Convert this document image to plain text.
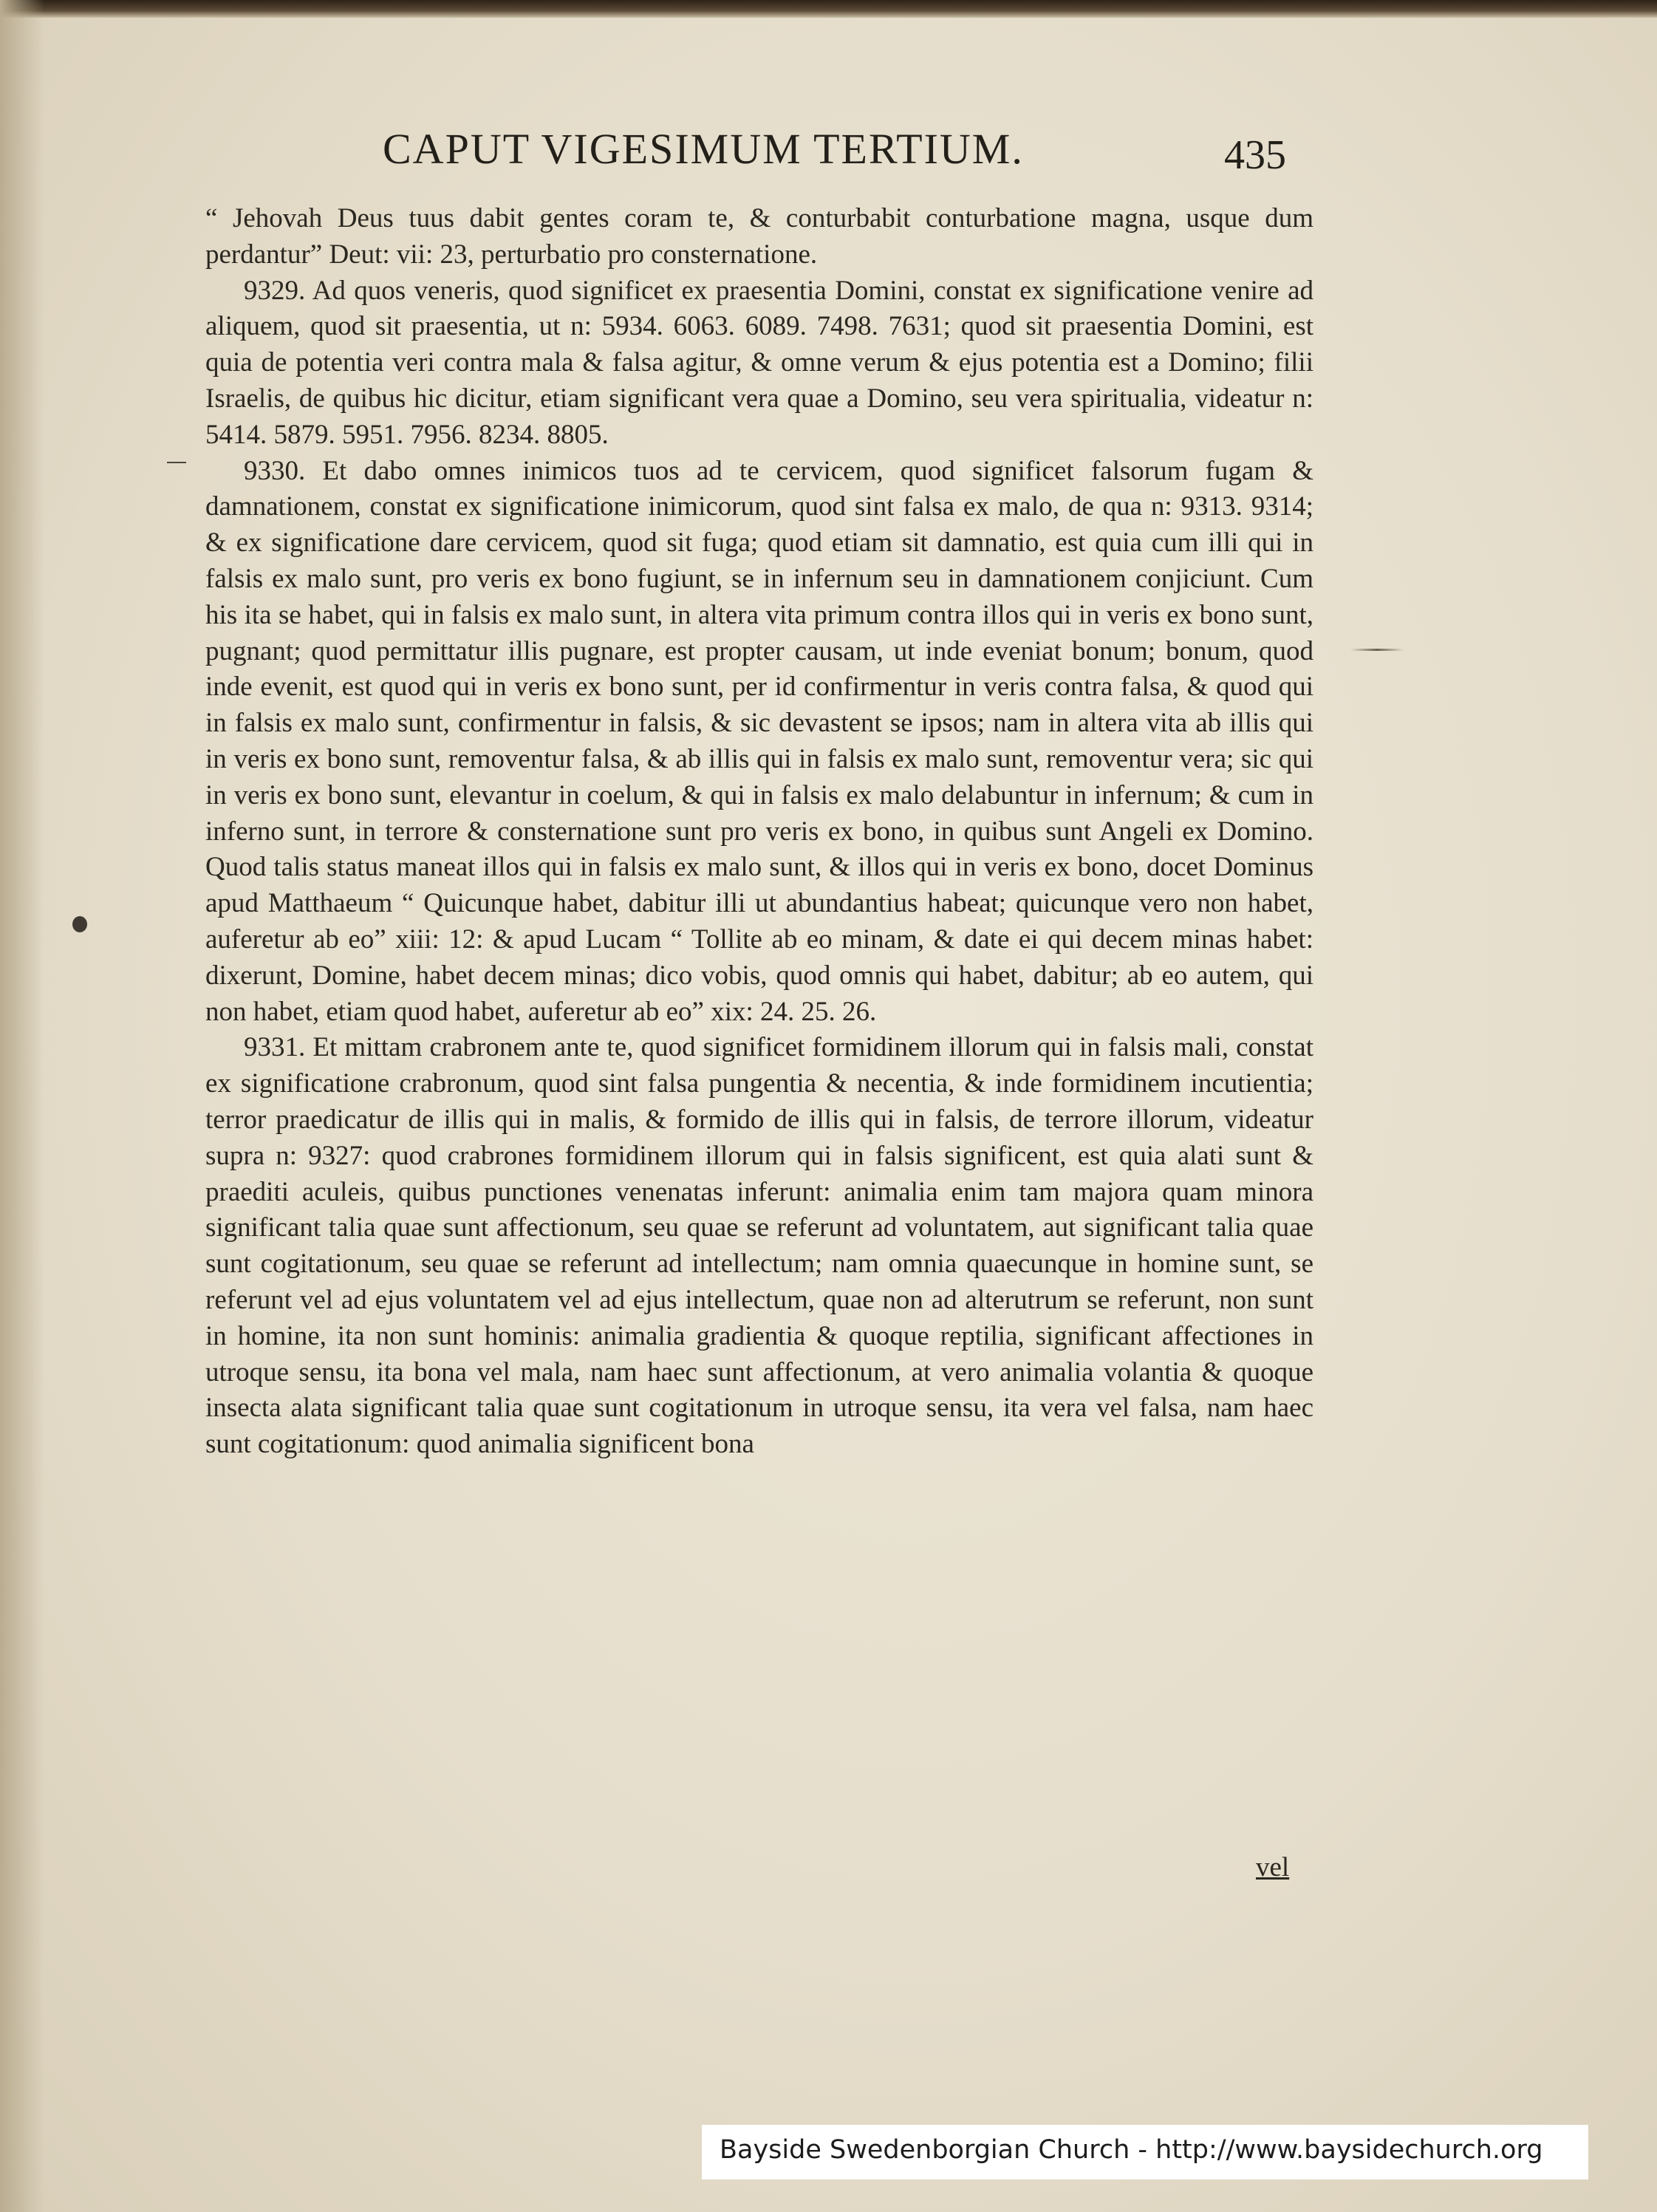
CAPUT VIGESIMUM TERTIUM.	435

“ Jehovah Deus tuus dabit gentes coram te, & conturbabit conturbatione magna, usque dum perdantur” Deut: vii: 23, perturbatio pro consternatione.

9329. Ad quos veneris, quod significet ex praesentia Domini, constat ex significatione venire ad aliquem, quod sit praesentia, ut n: 5934. 6063. 6089. 7498. 7631; quod sit praesentia Domini, est quia de potentia veri contra mala & falsa agitur, & omne verum & ejus potentia est a Domino; filii Israelis, de quibus hic dicitur, etiam significant vera quae a Domino, seu vera spiritualia, videatur n: 5414. 5879. 5951. 7956. 8234. 8805.

9330. Et dabo omnes inimicos tuos ad te cervicem, quod significet falsorum fugam & damnationem, constat ex significatione inimicorum, quod sint falsa ex malo, de qua n: 9313. 9314; & ex significatione dare cervicem, quod sit fuga; quod etiam sit damnatio, est quia cum illi qui in falsis ex malo sunt, pro veris ex bono fugiunt, se in infernum seu in damnationem conjiciunt. Cum his ita se habet, qui in falsis ex malo sunt, in altera vita primum contra illos qui in veris ex bono sunt, pugnant; quod permittatur illis pugnare, est propter causam, ut inde eveniat bonum; bonum, quod inde evenit, est quod qui in veris ex bono sunt, per id confirmentur in veris contra falsa, & quod qui in falsis ex malo sunt, confirmentur in falsis, & sic devastent se ipsos; nam in altera vita ab illis qui in veris ex bono sunt, removentur falsa, & ab illis qui in falsis ex malo sunt, removentur vera; sic qui in veris ex bono sunt, elevantur in coelum, & qui in falsis ex malo delabuntur in infernum; & cum in inferno sunt, in terrore & consternatione sunt pro veris ex bono, in quibus sunt Angeli ex Domino. Quod talis status maneat illos qui in falsis ex malo sunt, & illos qui in veris ex bono, docet Dominus apud Matthaeum “ Quicunque habet, dabitur illi ut abundantius habeat; quicunque vero non habet, auferetur ab eo” xiii: 12: & apud Lucam “ Tollite ab eo minam, & date ei qui decem minas habet: dixerunt, Domine, habet decem minas; dico vobis, quod omnis qui habet, dabitur; ab eo autem, qui non habet, etiam quod habet, auferetur ab eo” xix: 24. 25. 26.

9331. Et mittam crabronem ante te, quod significet formidinem illorum qui in falsis mali, constat ex significatione crabronum, quod sint falsa pungentia & necentia, & inde formidinem incutientia; terror praedicatur de illis qui in malis, & formido de illis qui in falsis, de terrore illorum, videatur supra n: 9327: quod crabrones formidinem illorum qui in falsis significent, est quia alati sunt & praediti aculeis, quibus punctiones venenatas inferunt: animalia enim tam majora quam minora significant talia quae sunt affectionum, seu quae se referunt ad voluntatem, aut significant talia quae sunt cogitationum, seu quae se referunt ad intellectum; nam omnia quaecunque in homine sunt, se referunt vel ad ejus voluntatem vel ad ejus intellectum, quae non ad alterutrum se referunt, non sunt in homine, ita non sunt hominis: animalia gradientia & quoque reptilia, significant affectiones in utroque sensu, ita bona vel mala, nam haec sunt affectionum, at vero animalia volantia & quoque insecta alata significant talia quae sunt cogitationum in utroque sensu, ita vera vel falsa, nam haec sunt cogitationum: quod animalia significent bona

vel
Bayside Swedenborgian Church - http://www.baysidechurch.org
